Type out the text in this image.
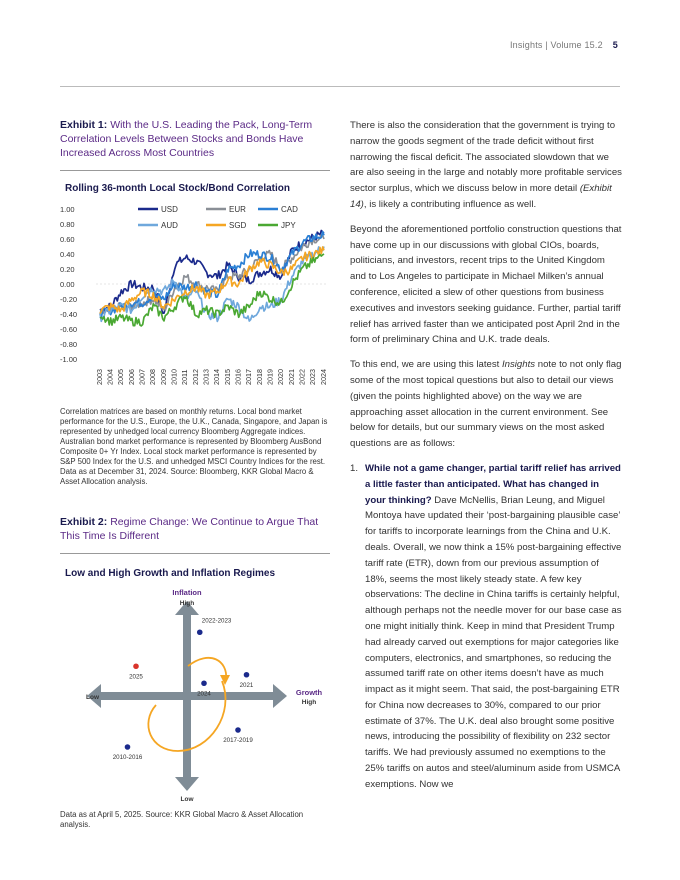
Insights | Volume 15.2 5
Exhibit 1: With the U.S. Leading the Pack, Long-Term Correlation Levels Between Stocks and Bonds Have Increased Across Most Countries
Rolling 36-month Local Stock/Bond Correlation
1.00
0.80
0.60
0.40
0.20
0.00
-0.20
-0.40
-0.60
-0.80
-1.00
2003 2004 2005 2006 2007 2008 2009 2010 2011 2012 2013 2014 2015 2016 2017 2018 2019 2020 2021 2022 2023 2024
USD	EUR	CAD
AUD	SGD	JPY
Correlation matrices are based on monthly returns. Local bond market performance for the U.S., Europe, the U.K., Canada, Singapore, and Japan is represented by unhedged local currency Bloomberg Aggregate indices. Australian bond market performance is represented by Bloomberg AusBond Composite 0+ Yr Index. Local stock market performance is represented by S&P 500 Index for the U.S. and unhedged MSCI Country Indices for the rest. Data as at December 31, 2024. Source: Bloomberg, KKR Global Macro & Asset Allocation analysis.
Exhibit 2: Regime Change: We Continue to Argue That This Time Is Different
Low and High Growth and Inflation Regimes
Inflation
High
Low
Low
Growth
High
2022-2023
2025
2024
2021
2017-2019
2010-2016
Data as at April 5, 2025. Source: KKR Global Macro & Asset Allocation analysis.

There is also the consideration that the government is trying to narrow the goods segment of the trade deficit without first narrowing the fiscal deficit. The associated slowdown that we are also seeing in the large and notably more profitable services sector surplus, which we discuss below in more detail (Exhibit 14), is likely a contributing influence as well.

Beyond the aforementioned portfolio construction questions that have come up in our discussions with global CIOs, boards, politicians, and investors, recent trips to the United Kingdom and to Los Angeles to participate in Michael Milken’s annual conference, elicited a slew of other questions from business executives and investors seeking guidance. Further, partial tariff relief has arrived faster than we anticipated post April 2nd in the form of preliminary China and U.K. trade deals.

To this end, we are using this latest Insights note to not only flag some of the most topical questions but also to detail our views (given the points highlighted above) on the way we are approaching asset allocation in the current environment. See below for details, but our summary views on the most asked questions are as follows:

1. While not a game changer, partial tariff relief has arrived a little faster than anticipated. What has changed in your thinking? Dave McNellis, Brian Leung, and Miguel Montoya have updated their ‘post-bargaining plausible case’ for tariffs to incorporate learnings from the China and U.K. deals. Overall, we now think a 15% post-bargaining effective tariff rate (ETR), down from our previous assumption of 18%, seems the most likely steady state. A few key observations: The decline in China tariffs is certainly helpful, although perhaps not the needle mover for our base case as one might initially think. Keep in mind that President Trump had already carved out exemptions for major categories like computers, electronics, and smartphones, so reducing the assumed tariff rate on other items doesn’t have as much impact as it might seem. That said, the post-bargaining ETR for China now decreases to 30%, compared to our prior estimate of 37%. The U.K. deal also brought some positive news, introducing the possibility of flexibility on 232 sector tariffs. We had previously assumed no exemptions to the 25% tariffs on autos and steel/aluminum aside from USMCA exemptions. Now we
